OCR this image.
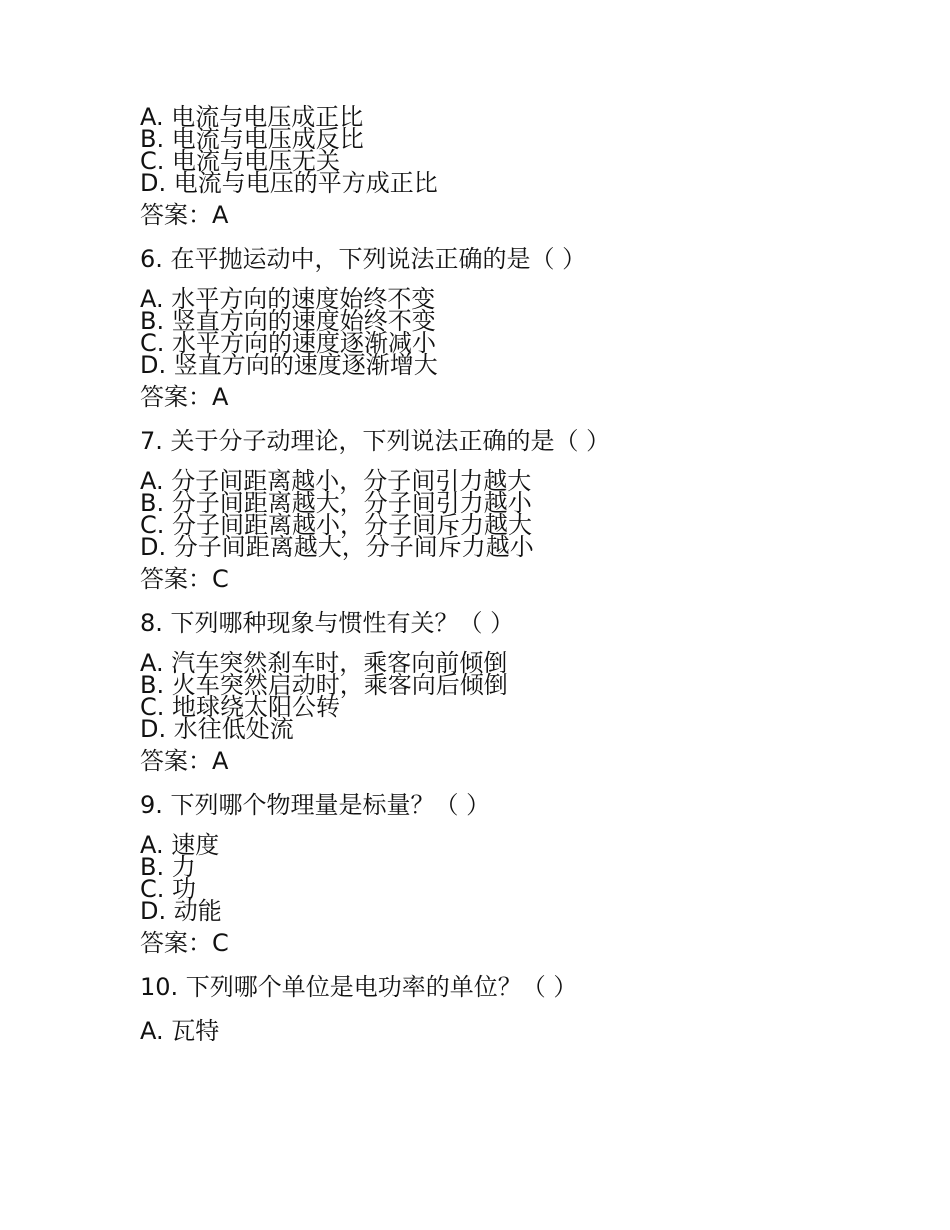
A. 电流与电压成正比
B. 电流与电压成反比
C. 电流与电压无关
D. 电流与电压的平方成正比
答案：A
6. 在平抛运动中，下列说法正确的是（ ）
A. 水平方向的速度始终不变
B. 竖直方向的速度始终不变
C. 水平方向的速度逐渐减小
D. 竖直方向的速度逐渐增大
答案：A
7. 关于分子动理论，下列说法正确的是（ ）
A. 分子间距离越小，分子间引力越大
B. 分子间距离越大，分子间引力越小
C. 分子间距离越小，分子间斥力越大
D. 分子间距离越大，分子间斥力越小
答案：C
8. 下列哪种现象与惯性有关？（ ）
A. 汽车突然刹车时，乘客向前倾倒
B. 火车突然启动时，乘客向后倾倒
C. 地球绕太阳公转
D. 水往低处流
答案：A
9. 下列哪个物理量是标量？（ ）
A. 速度
B. 力
C. 功
D. 动能
答案：C
10. 下列哪个单位是电功率的单位？（ ）
A. 瓦特
